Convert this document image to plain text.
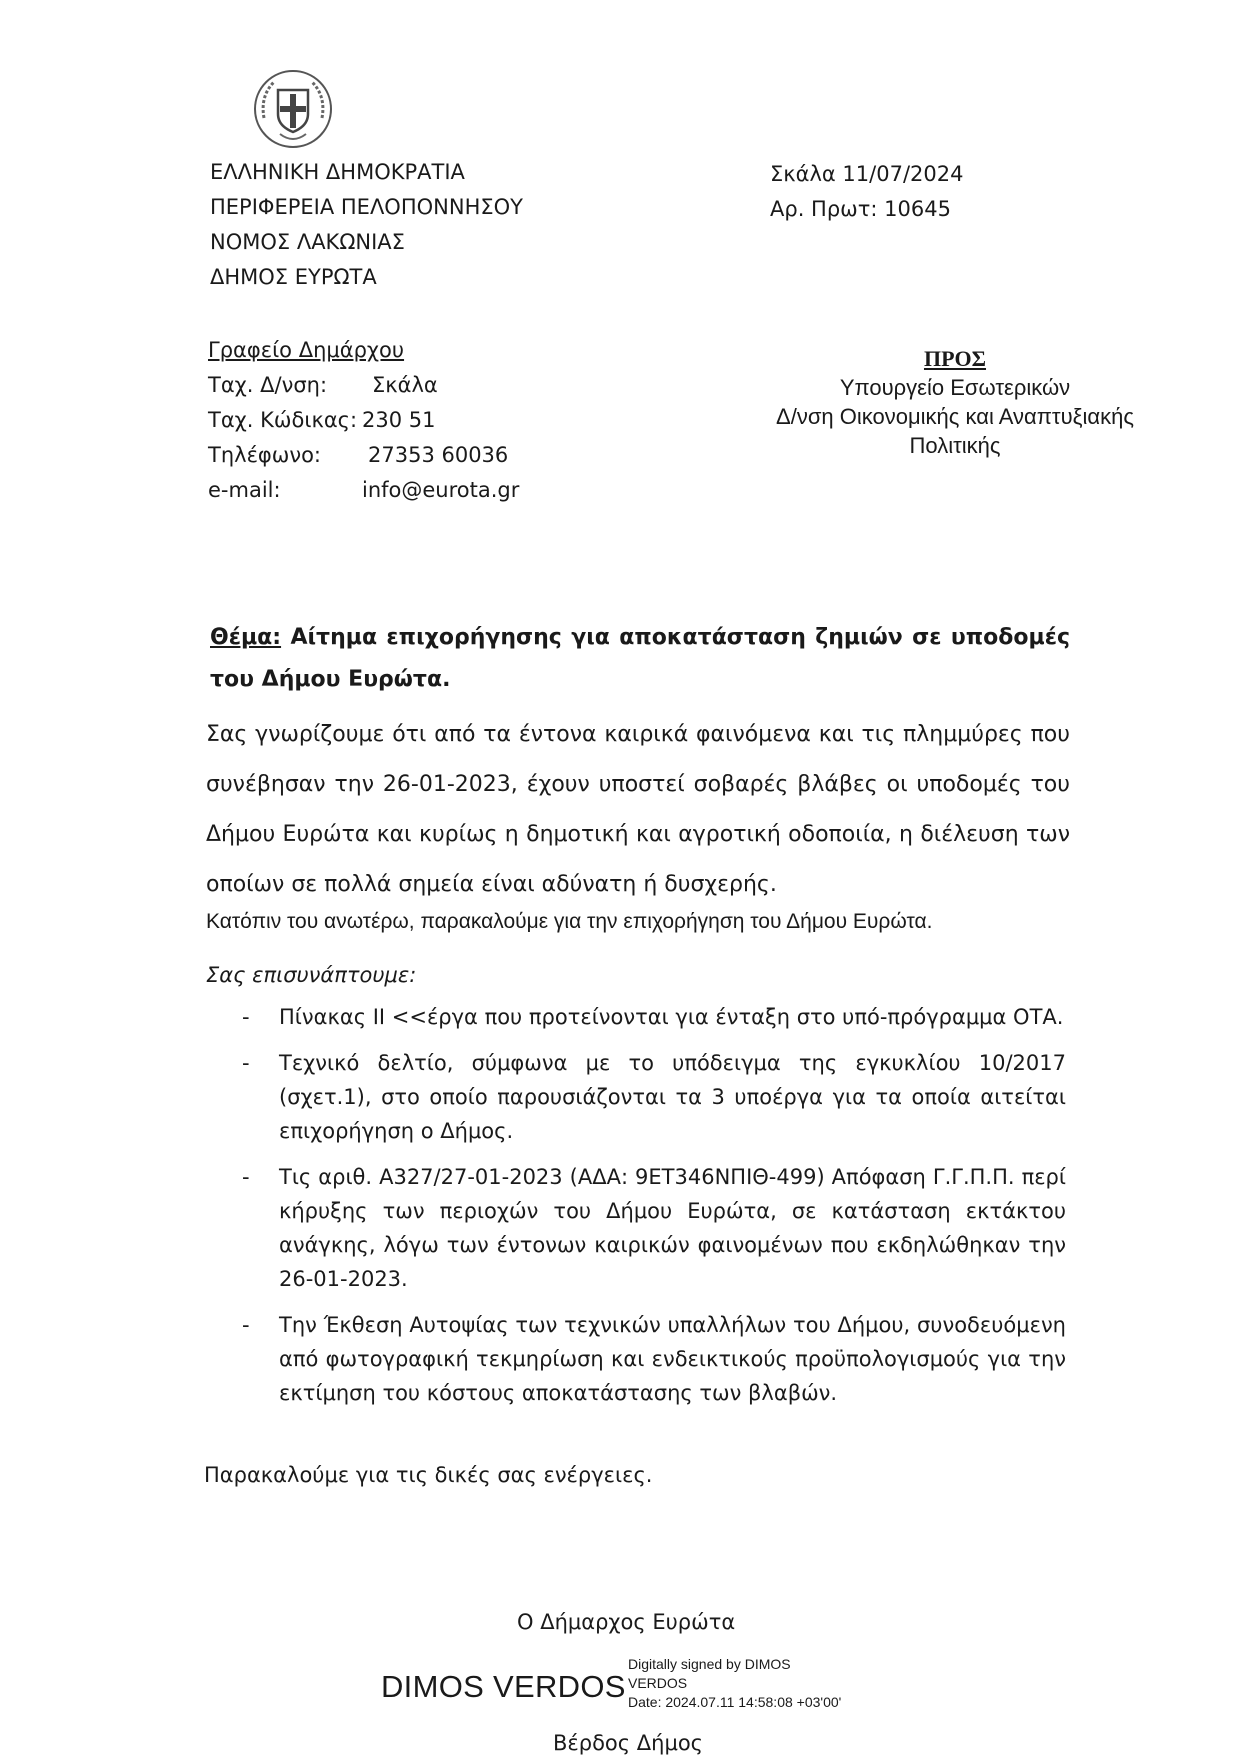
ΕΛΛΗΝΙΚΗ ΔΗΜΟΚΡΑΤΙΑ
ΠΕΡΙΦΕΡΕΙΑ ΠΕΛΟΠΟΝΝΗΣΟΥ
ΝΟΜΟΣ ΛΑΚΩΝΙΑΣ
ΔΗΜΟΣ ΕΥΡΩΤΑ
Σκάλα 11/07/2024
Αρ. Πρωτ: 10645
Γραφείο Δημάρχου
Ταχ. Δ/νση:	Σκάλα
Ταχ. Κώδικας: 230 51
Τηλέφωνο:	27353 60036
e-mail:	info@eurota.gr
ΠΡΟΣ
Υπουργείο Εσωτερικών
Δ/νση Οικονομικής και Αναπτυξιακής
Πολιτικής
Θέμα: Αίτημα επιχορήγησης για αποκατάσταση ζημιών σε υποδομές του Δήμου Ευρώτα.
Σας γνωρίζουμε ότι από τα έντονα καιρικά φαινόμενα και τις πλημμύρες που συνέβησαν την 26-01-2023, έχουν υποστεί σοβαρές βλάβες οι υποδομές του Δήμου Ευρώτα και κυρίως η δημοτική και αγροτική οδοποιία, η διέλευση των οποίων σε πολλά σημεία είναι αδύνατη ή δυσχερής.
Κατόπιν του ανωτέρω, παρακαλούμε για την επιχορήγηση του Δήμου Ευρώτα.
Σας επισυνάπτουμε:
- Πίνακας ΙΙ <<έργα που προτείνονται για ένταξη στο υπό-πρόγραμμα ΟΤΑ.
- Τεχνικό δελτίο, σύμφωνα με το υπόδειγμα της εγκυκλίου 10/2017 (σχετ.1), στο οποίο παρουσιάζονται τα 3 υποέργα για τα οποία αιτείται επιχορήγηση ο Δήμος.
- Τις αριθ. Α327/27-01-2023 (ΑΔΑ: 9ΕΤ346ΝΠΙΘ-499) Απόφαση Γ.Γ.Π.Π. περί κήρυξης των περιοχών του Δήμου Ευρώτα, σε κατάσταση εκτάκτου ανάγκης, λόγω των έντονων καιρικών φαινομένων που εκδηλώθηκαν την 26-01-2023.
- Την Έκθεση Αυτοψίας των τεχνικών υπαλλήλων του Δήμου, συνοδευόμενη από φωτογραφική τεκμηρίωση και ενδεικτικούς προϋπολογισμούς για την εκτίμηση του κόστους αποκατάστασης των βλαβών.
Παρακαλούμε για τις δικές σας ενέργειες.
Ο Δήμαρχος Ευρώτα
DIMOS VERDOS
Digitally signed by DIMOS
VERDOS
Date: 2024.07.11 14:58:08 +03'00'
Βέρδος Δήμος
